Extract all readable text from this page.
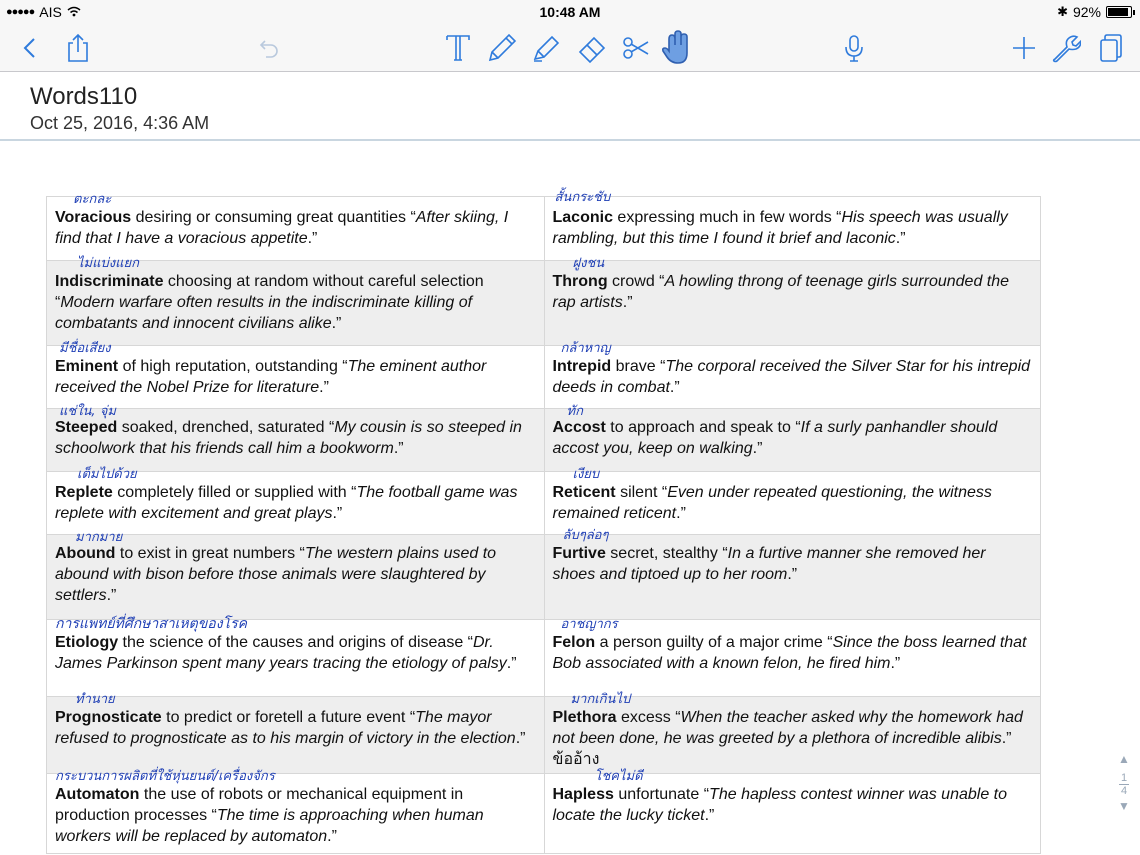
●●●●● AIS	10:48 AM	✱ 92%
Words110
Oct 25, 2016, 4:36 AM
ตะกละ
Voracious desiring or consuming great quantities “After skiing, I find that I have a voracious appetite.”
สั้นกระชับ
Laconic expressing much in few words “His speech was usually rambling, but this time I found it brief and laconic.”
ไม่แบ่งแยก
Indiscriminate choosing at random without careful selection “Modern warfare often results in the indiscriminate killing of combatants and innocent civilians alike.”
ฝูงชน
Throng crowd “A howling throng of teenage girls surrounded the rap artists.”
มีชื่อเสียง
Eminent of high reputation, outstanding “The eminent author received the Nobel Prize for literature.”
กล้าหาญ
Intrepid brave “The corporal received the Silver Star for his intrepid deeds in combat.”
แช่ใน, จุ่ม
Steeped soaked, drenched, saturated “My cousin is so steeped in schoolwork that his friends call him a bookworm.”
ทัก
Accost to approach and speak to “If a surly panhandler should accost you, keep on walking.”
เต็มไปด้วย
Replete completely filled or supplied with “The football game was replete with excitement and great plays.”
เงียบ
Reticent silent “Even under repeated questioning, the witness remained reticent.”
มากมาย
Abound to exist in great numbers “The western plains used to abound with bison before those animals were slaughtered by settlers.”
ลับๆล่อๆ
Furtive secret, stealthy “In a furtive manner she removed her shoes and tiptoed up to her room.”
การแพทย์ที่ศึกษาสาเหตุของโรค
Etiology the science of the causes and origins of disease “Dr. James Parkinson spent many years tracing the etiology of palsy.”
อาชญากร
Felon a person guilty of a major crime “Since the boss learned that Bob associated with a known felon, he fired him.”
ทำนาย
Prognosticate to predict or foretell a future event “The mayor refused to prognosticate as to his margin of victory in the election.”
มากเกินไป
Plethora excess “When the teacher asked why the homework had not been done, he was greeted by a plethora of incredible alibis.” ข้ออ้าง
กระบวนการผลิตที่ใช้หุ่นยนต์/เครื่องจักร
Automaton the use of robots or mechanical equipment in production processes “The time is approaching when human workers will be replaced by automaton.”
โชคไม่ดี
Hapless unfortunate “The hapless contest winner was unable to locate the lucky ticket.”
▲
1
4
▼
